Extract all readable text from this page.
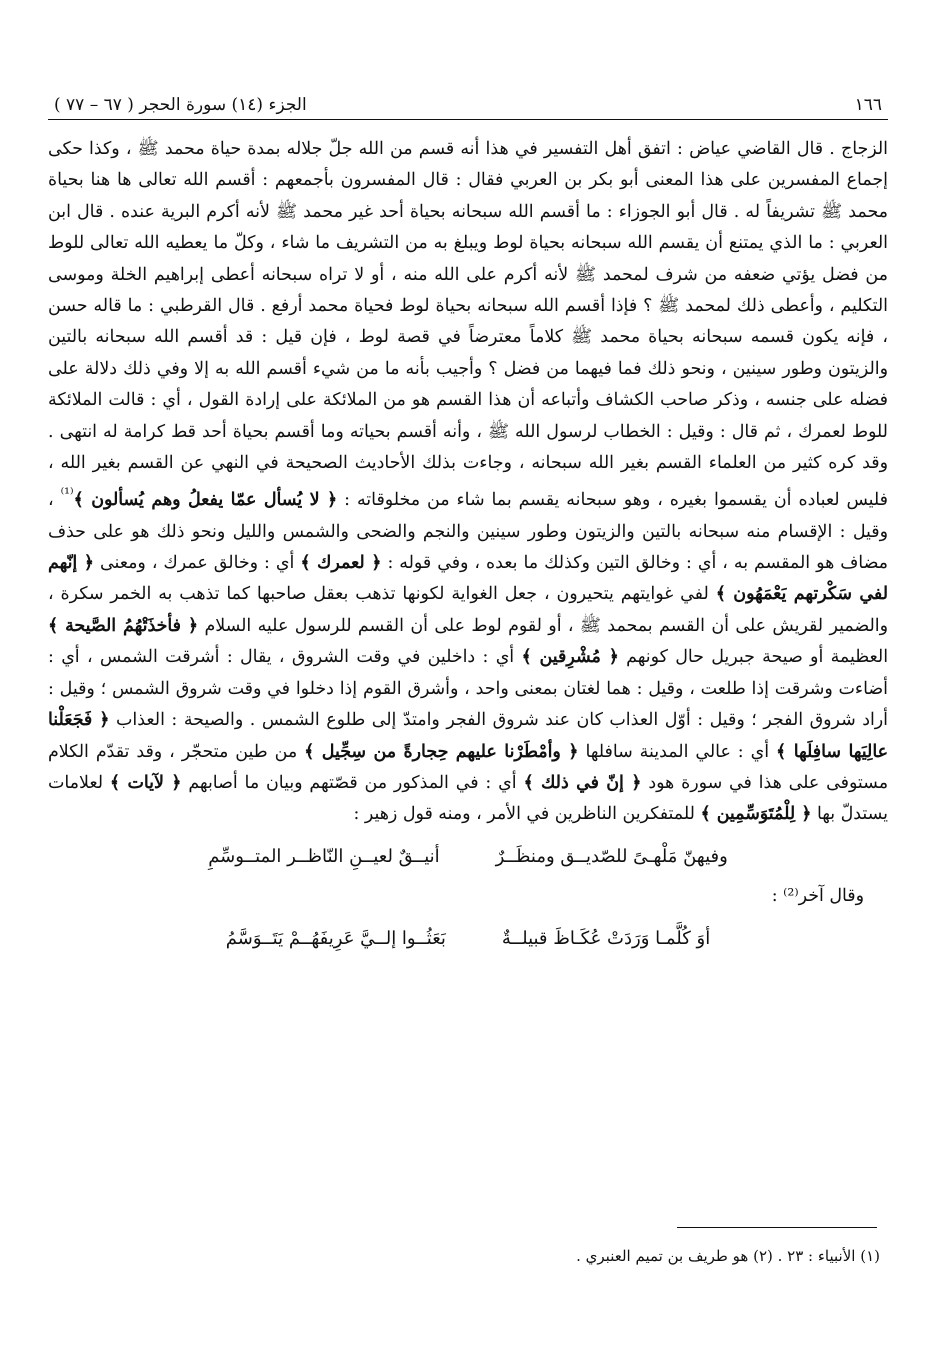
١٦٦
الجزء (١٤) سورة الحجر ( ٦٧ – ٧٧ )

الزجاج . قال القاضي عياض : اتفق أهل التفسير في هذا أنه قسم من الله جلّ جلاله بمدة حياة محمد ﷺ ، وكذا حكى إجماع المفسرين على هذا المعنى أبو بكر بن العربي فقال : قال المفسرون بأجمعهم : أقسم الله تعالى ها هنا بحياة محمد ﷺ تشريفاً له . قال أبو الجوزاء : ما أقسم الله سبحانه بحياة أحد غير محمد ﷺ لأنه أكرم البرية عنده . قال ابن العربي : ما الذي يمتنع أن يقسم الله سبحانه بحياة لوط ويبلغ به من التشريف ما شاء ، وكلّ ما يعطيه الله تعالى للوط من فضل يؤتي ضعفه من شرف لمحمد ﷺ لأنه أكرم على الله منه ، أو لا تراه سبحانه أعطى إبراهيم الخلة وموسى التكليم ، وأعطى ذلك لمحمد ﷺ ؟ فإذا أقسم الله سبحانه بحياة لوط فحياة محمد أرفع . قال القرطبي : ما قاله حسن ، فإنه يكون قسمه سبحانه بحياة محمد ﷺ كلاماً معترضاً في قصة لوط ، فإن قيل : قد أقسم الله سبحانه بالتين والزيتون وطور سينين ، ونحو ذلك فما فيهما من فضل ؟ وأجيب بأنه ما من شيء أقسم الله به إلا وفي ذلك دلالة على فضله على جنسه ، وذكر صاحب الكشاف وأتباعه أن هذا القسم هو من الملائكة على إرادة القول ، أي : قالت الملائكة للوط لعمرك ، ثم قال : وقيل : الخطاب لرسول الله ﷺ ، وأنه أقسم بحياته وما أقسم بحياة أحد قط كرامة له انتهى . وقد كره كثير من العلماء القسم بغير الله سبحانه ، وجاءت بذلك الأحاديث الصحيحة في النهي عن القسم بغير الله ، فليس لعباده أن يقسموا بغيره ، وهو سبحانه يقسم بما شاء من مخلوقاته : ﴿ لا يُسأل عمّا يفعلُ وهم يُسألون ﴾$^{^{(1)}}$ ، وقيل : الإقسام منه سبحانه بالتين والزيتون وطور سينين والنجم والضحى والشمس والليل ونحو ذلك هو على حذف مضاف هو المقسم به ، أي : وخالق التين وكذلك ما بعده ، وفي قوله : ﴿ لعمرك ﴾ أي : وخالق عمرك ، ومعنى ﴿ إنّهم لفي سَكْرتهم يَعْمَهُون ﴾ لفي غوايتهم يتحيرون ، جعل الغواية لكونها تذهب بعقل صاحبها كما تذهب به الخمر سكرة ، والضمير لقريش على أن القسم بمحمد ﷺ ، أو لقوم لوط على أن القسم للرسول عليه السلام ﴿ فأخذَتْهُمُ الصَّيحة ﴾ العظيمة أو صيحة جبريل حال كونهم ﴿ مُشْرِقين ﴾ أي : داخلين في وقت الشروق ، يقال : أشرقت الشمس ، أي : أضاءت وشرقت إذا طلعت ، وقيل : هما لغتان بمعنى واحد ، وأشرق القوم إذا دخلوا في وقت شروق الشمس ؛ وقيل : أراد شروق الفجر ؛ وقيل : أوّل العذاب كان عند شروق الفجر وامتدّ إلى طلوع الشمس . والصيحة : العذاب ﴿ فَجَعَلْنا عالِيَها سافِلَها ﴾ أي : عالي المدينة سافلها ﴿ وأمْطَرْنا عليهم حِجارةً من سِجِّيل ﴾ من طين متحجّر ، وقد تقدّم الكلام مستوفى على هذا في سورة هود ﴿ إنّ في ذلك ﴾ أي : في المذكور من قصّتهم وبيان ما أصابهم ﴿ لآيات ﴾ لعلامات يستدلّ بها ﴿ لِلْمُتَوَسِّمِين ﴾ للمتفكرين الناظرين في الأمر ، ومنه قول زهير :

وفيهنّ مَلْهـىً للصّديــق ومنظَــرٌ
أنيــقٌ لعيــنِ النّاظــر المتــوسِّمِ
وقال آخر⁽²⁾ :
أوَ كُلَّمـا وَرَدَتْ عُكَـاظَ قبيلــةٌ
بَعَثُــوا إلــيَّ عَرِيفَهُــمْ يَتَــوَسَّمُ
(١) الأنبياء : ٢٣ . (٢) هو طريف بن تميم العنبري .
